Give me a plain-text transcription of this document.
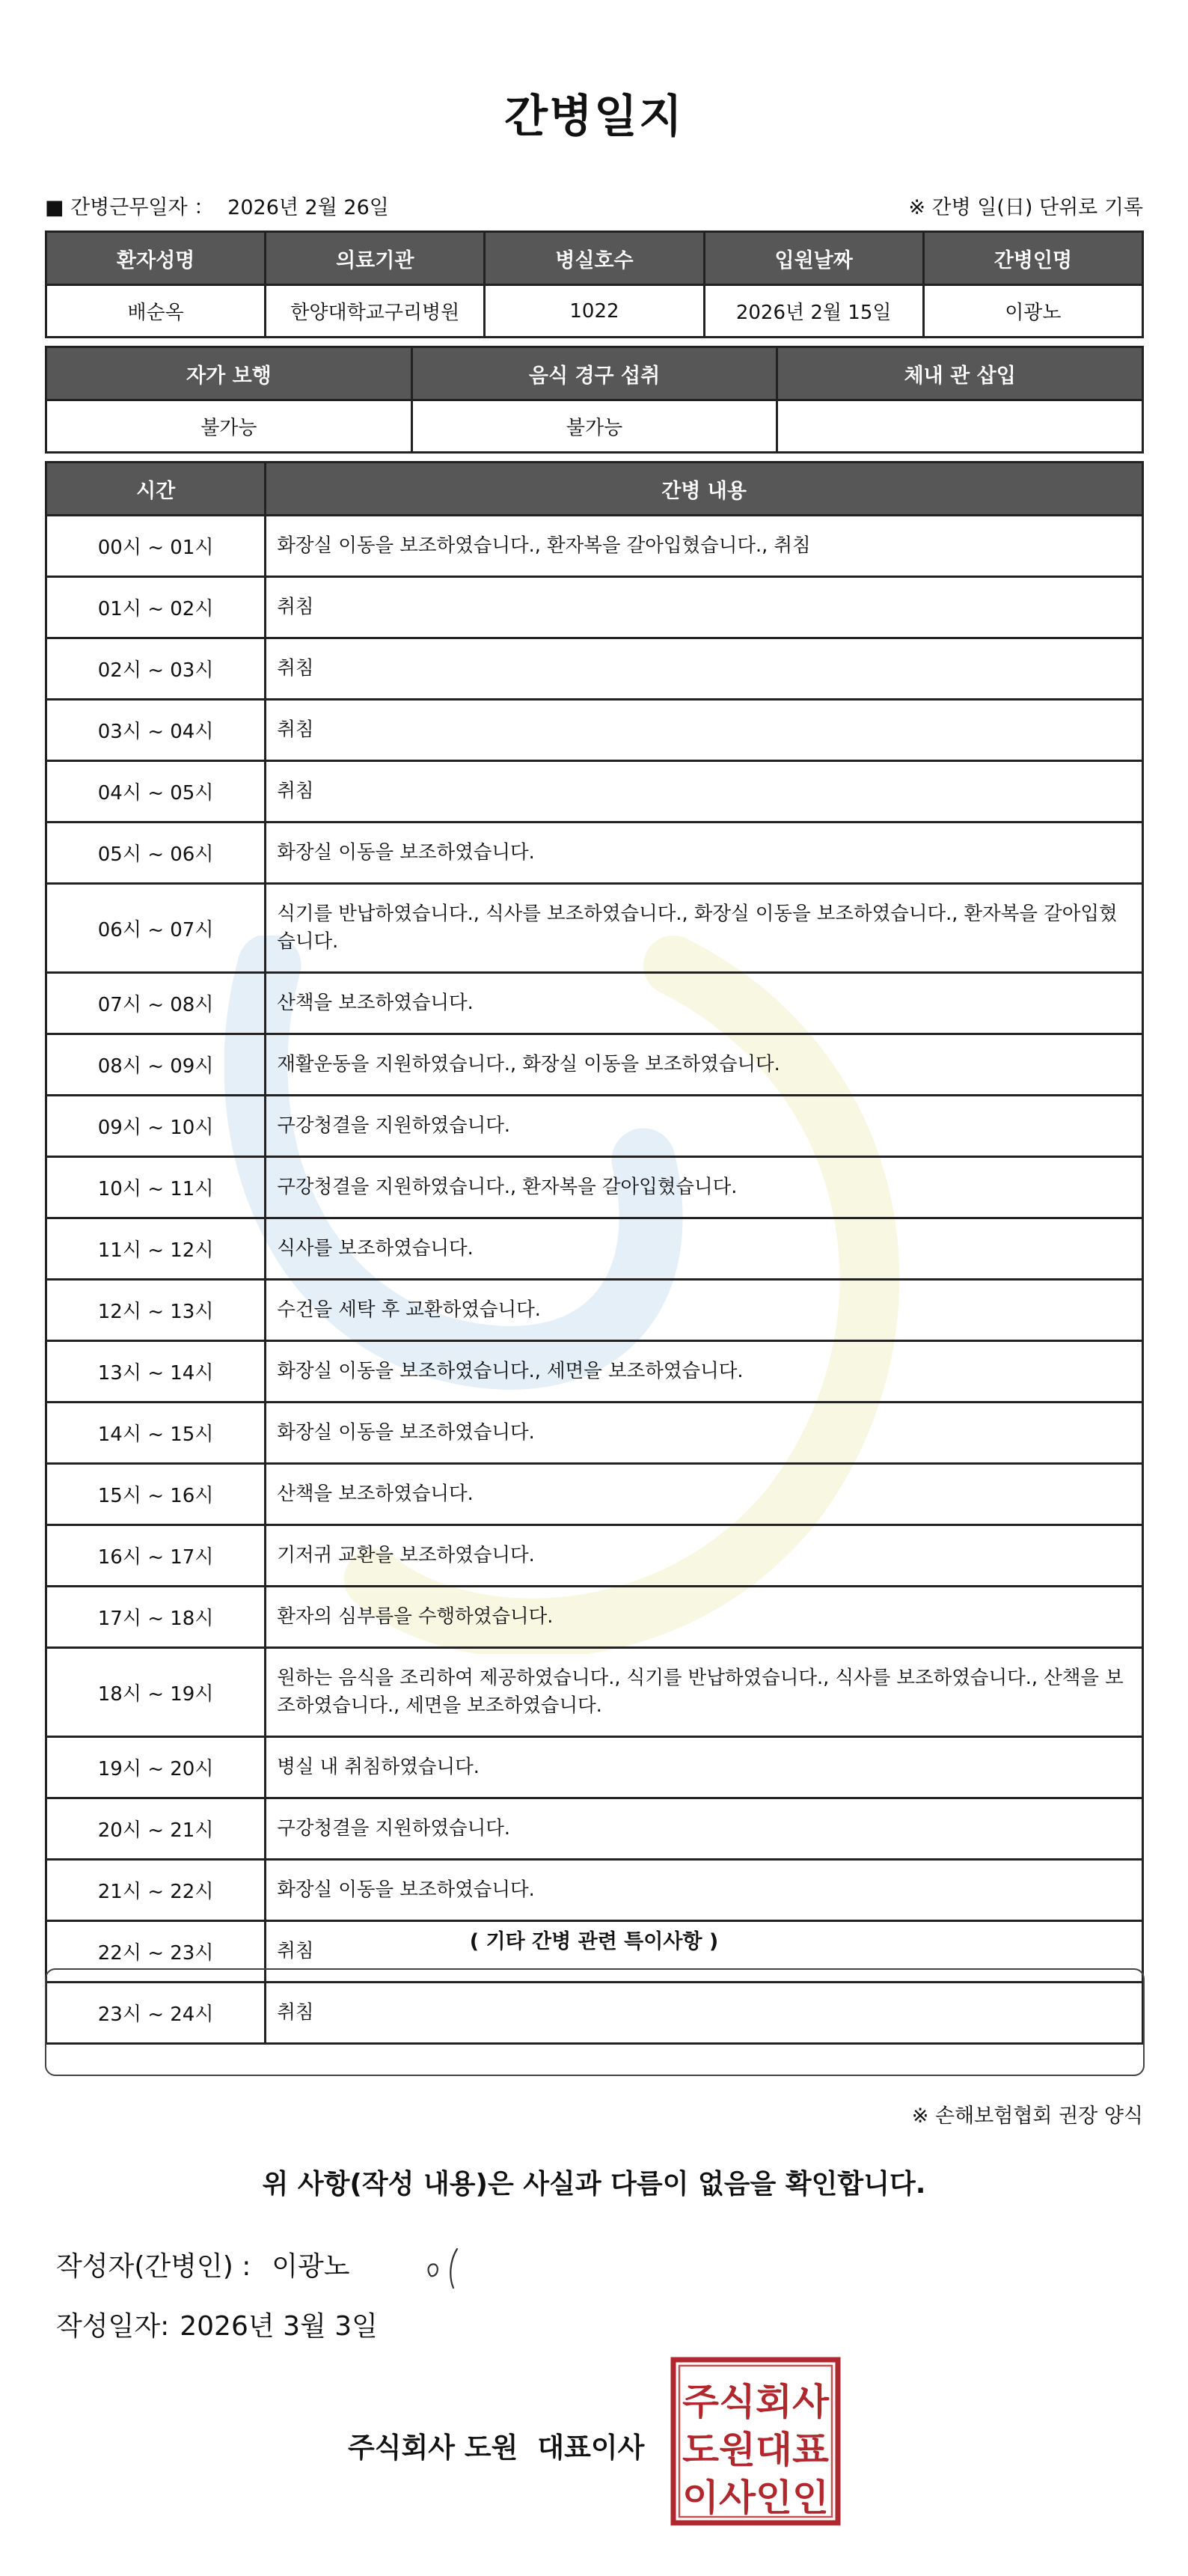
간병일지
■ 간병근무일자 ： 2026년 2월 26일	※ 간병 일(日) 단위로 기록
환자성명	의료기관	병실호수	입원날짜	간병인명
배순옥	한양대학교구리병원	1022	2026년 2월 15일	이광노
자가 보행	음식 경구 섭취	체내 관 삽입
불가능	불가능	
시간	간병 내용
00시 ~ 01시	화장실 이동을 보조하였습니다., 환자복을 갈아입혔습니다., 취침
01시 ~ 02시	취침
02시 ~ 03시	취침
03시 ~ 04시	취침
04시 ~ 05시	취침
05시 ~ 06시	화장실 이동을 보조하였습니다.
06시 ~ 07시	식기를 반납하였습니다., 식사를 보조하였습니다., 화장실 이동을 보조하였습니다., 환자복을 갈아입혔습니다.
07시 ~ 08시	산책을 보조하였습니다.
08시 ~ 09시	재활운동을 지원하였습니다., 화장실 이동을 보조하였습니다.
09시 ~ 10시	구강청결을 지원하였습니다.
10시 ~ 11시	구강청결을 지원하였습니다., 환자복을 갈아입혔습니다.
11시 ~ 12시	식사를 보조하였습니다.
12시 ~ 13시	수건을 세탁 후 교환하였습니다.
13시 ~ 14시	화장실 이동을 보조하였습니다., 세면을 보조하였습니다.
14시 ~ 15시	화장실 이동을 보조하였습니다.
15시 ~ 16시	산책을 보조하였습니다.
16시 ~ 17시	기저귀 교환을 보조하였습니다.
17시 ~ 18시	환자의 심부름을 수행하였습니다.
18시 ~ 19시	원하는 음식을 조리하여 제공하였습니다., 식기를 반납하였습니다., 식사를 보조하였습니다., 산책을 보조하였습니다., 세면을 보조하였습니다.
19시 ~ 20시	병실 내 취침하였습니다.
20시 ~ 21시	구강청결을 지원하였습니다.
21시 ~ 22시	화장실 이동을 보조하였습니다.
22시 ~ 23시	취침
23시 ~ 24시	취침
( 기타 간병 관련 특이사항 )
※ 손해보험협회 권장 양식
위 사항(작성 내용)은 사실과 다름이 없음을 확인합니다.
작성자(간병인) : 이광노
작성일자: 2026년 3월 3일
주식회사 도원 대표이사
주식회사
도원대표
이사인인
